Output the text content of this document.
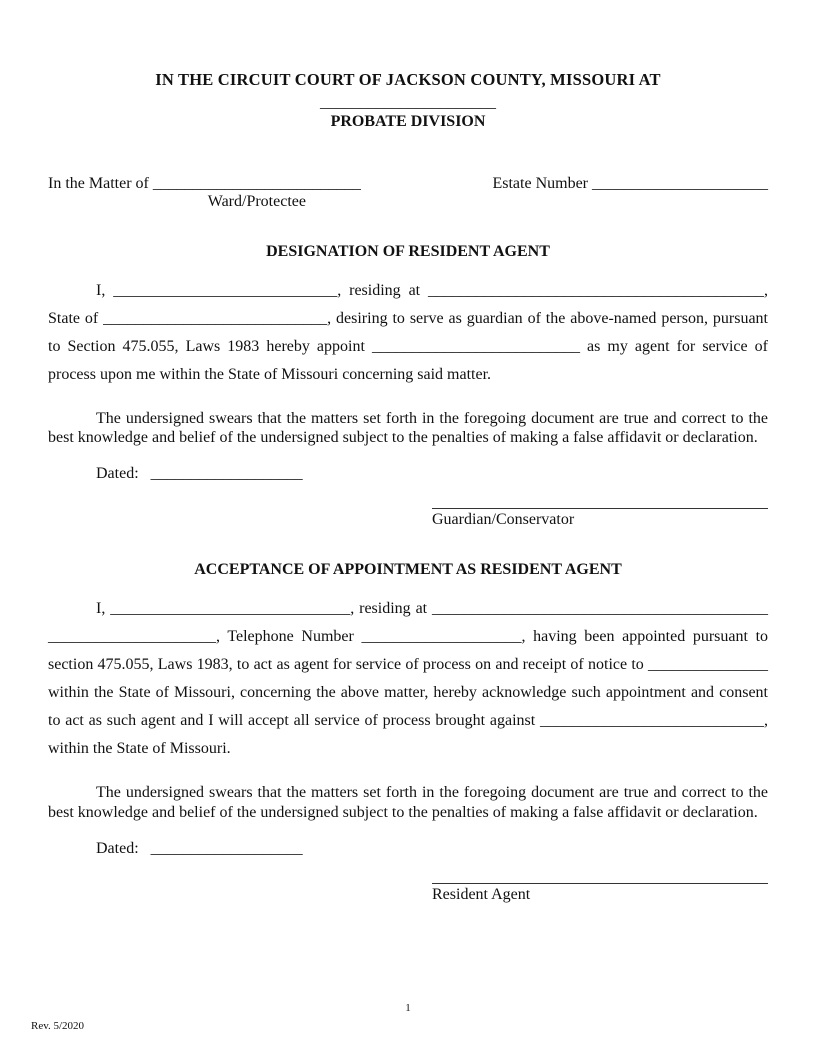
IN THE CIRCUIT COURT OF JACKSON COUNTY, MISSOURI AT
______________________
PROBATE DIVISION
In the Matter of __________________________
Ward/Protectee
Estate Number ______________________
DESIGNATION OF RESIDENT AGENT

I, ____________________________, residing at __________________________________________, State of ____________________________, desiring to serve as guardian of the above-named person, pursuant to Section 475.055, Laws 1983 hereby appoint __________________________ as my agent for service of process upon me within the State of Missouri concerning said matter.

The undersigned swears that the matters set forth in the foregoing document are true and correct to the best knowledge and belief of the undersigned subject to the penalties of making a false affidavit or declaration.

Dated: ___________________
Guardian/Conservator
ACCEPTANCE OF APPOINTMENT AS RESIDENT AGENT

I, ______________________________, residing at _______________________________________________________________, Telephone Number ____________________, having been appointed pursuant to section 475.055, Laws 1983, to act as agent for service of process on and receipt of notice to _______________ within the State of Missouri, concerning the above matter, hereby acknowledge such appointment and consent to act as such agent and I will accept all service of process brought against ____________________________, within the State of Missouri.

The undersigned swears that the matters set forth in the foregoing document are true and correct to the best knowledge and belief of the undersigned subject to the penalties of making a false affidavit or declaration.

Dated: ___________________
Resident Agent
1
Rev. 5/2020
